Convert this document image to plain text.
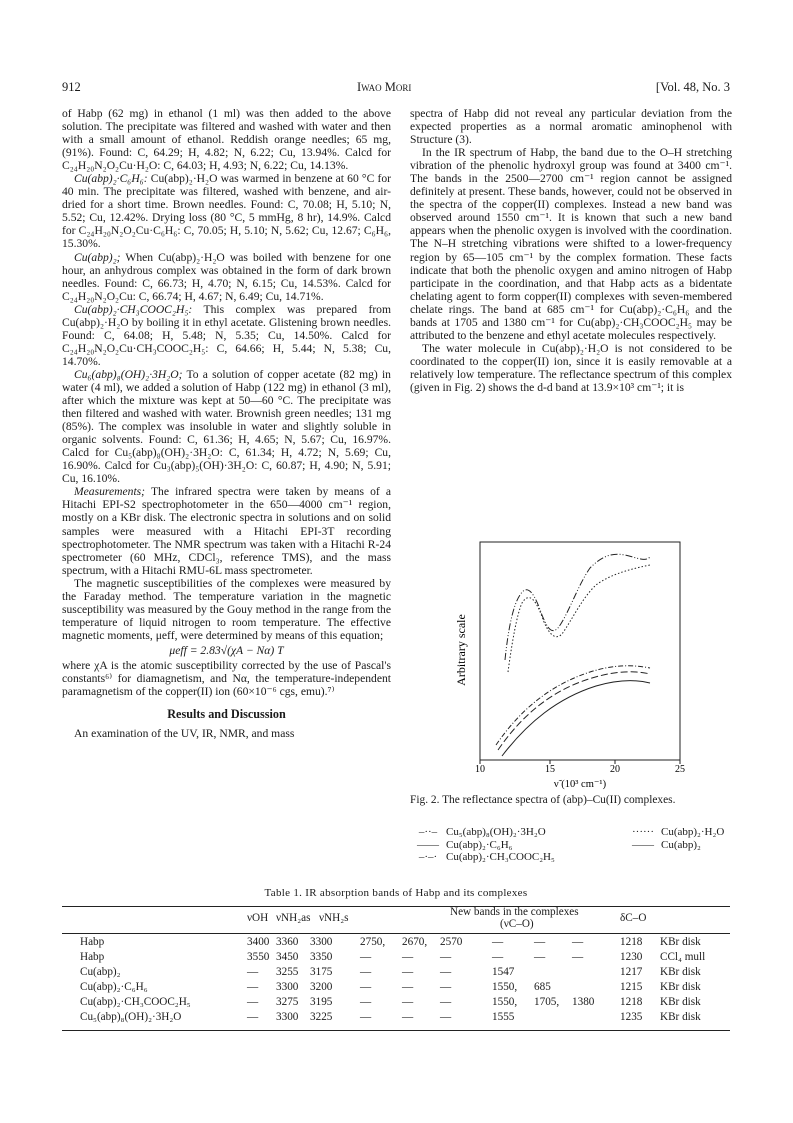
912	Iwao Mori	[Vol. 48, No. 3

of Habp (62 mg) in ethanol (1 ml) was then added to the above solution. The precipitate was filtered and washed with water and then with a small amount of ethanol. Reddish orange needles; 65 mg, (91%). Found: C, 64.29; H, 4.82; N, 6.22; Cu, 13.94%. Calcd for C₂₄H₂₀N₂O₂Cu·H₂O: C, 64.03; H, 4.93; N, 6.22; Cu, 14.13%.

Cu(abp)₂·C₆H₆: Cu(abp)₂·H₂O was warmed in benzene at 60 °C for 40 min. The precipitate was filtered, washed with benzene, and air-dried for a short time. Brown needles. Found: C, 70.08; H, 5.10; N, 5.52; Cu, 12.42%. Drying loss (80 °C, 5 mmHg, 8 hr), 14.9%. Calcd for C₂₄H₂₀N₂O₂Cu·C₆H₆: C, 70.05; H, 5.10; N, 5.62; Cu, 12.67; C₆H₆, 15.30%.

Cu(abp)₂; When Cu(abp)₂·H₂O was boiled with benzene for one hour, an anhydrous complex was obtained in the form of dark brown needles. Found: C, 66.73; H, 4.70; N, 6.15; Cu, 14.53%. Calcd for C₂₄H₂₀N₂O₂Cu: C, 66.74; H, 4.67; N, 6.49; Cu, 14.71%.

Cu(abp)₂·CH₃COOC₂H₅: This complex was prepared from Cu(abp)₂·H₂O by boiling it in ethyl acetate. Glistening brown needles. Found: C, 64.08; H, 5.48; N, 5.35; Cu, 14.50%. Calcd for C₂₄H₂₀N₂O₂Cu·CH₃COOC₂H₅: C, 64.66; H, 5.44; N, 5.38; Cu, 14.70%.

Cu₆(abp)₈(OH)₂·3H₂O; To a solution of copper acetate (82 mg) in water (4 ml), we added a solution of Habp (122 mg) in ethanol (3 ml), after which the mixture was kept at 50—60 °C. The precipitate was then filtered and washed with water. Brownish green needles; 131 mg (85%). The complex was insoluble in water and slightly soluble in organic solvents. Found: C, 61.36; H, 4.65; N, 5.67; Cu, 16.97%. Calcd for Cu₅(abp)₈(OH)₂·3H₂O: C, 61.34; H, 4.72; N, 5.69; Cu, 16.90%. Calcd for Cu₃(abp)₅(OH)·3H₂O: C, 60.87; H, 4.90; N, 5.91; Cu, 16.10%.

Measurements; The infrared spectra were taken by means of a Hitachi EPI-S2 spectrophotometer in the 650—4000 cm⁻¹ region, mostly on a KBr disk. The electronic spectra in solutions and on solid samples were measured with a Hitachi EPI-3T recording spectrophotometer. The NMR spectrum was taken with a Hitachi R-24 spectrometer (60 MHz, CDCl₃, reference TMS), and the mass spectrum, with a Hitachi RMU-6L mass spectrometer.

The magnetic susceptibilities of the complexes were measured by the Faraday method. The temperature variation in the magnetic susceptibility was measured by the Gouy method in the range from the temperature of liquid nitrogen to room temperature. The effective magnetic moments, μeff, were determined by means of this equation;

μeff = 2.83√(χA − Nα) T

where χA is the atomic susceptibility corrected by the use of Pascal's constants⁶⁾ for diamagnetism, and Nα, the temperature-independent paramagnetism of the copper(II) ion (60×10⁻⁶ cgs, emu).⁷⁾

Results and Discussion

An examination of the UV, IR, NMR, and mass

spectra of Habp did not reveal any particular deviation from the expected properties as a normal aromatic aminophenol with Structure (3).

In the IR spectrum of Habp, the band due to the O–H stretching vibration of the phenolic hydroxyl group was found at 3400 cm⁻¹. The bands in the 2500—2700 cm⁻¹ region cannot be assigned definitely at present. These bands, however, could not be observed in the spectra of the copper(II) complexes. Instead a new band was observed around 1550 cm⁻¹. It is known that such a new band appears when the phenolic oxygen is involved with the coordination. The N–H stretching vibrations were shifted to a lower-frequency region by 65—105 cm⁻¹ by the complex formation. These facts indicate that both the phenolic oxygen and amino nitrogen of Habp participate in the coordination, and that Habp acts as a bidentate chelating agent to form copper(II) complexes with seven-membered chelate rings. The band at 685 cm⁻¹ for Cu(abp)₂·C₆H₆ and the bands at 1705 and 1380 cm⁻¹ for Cu(abp)₂·CH₃COOC₂H₅ may be attributed to the benzene and ethyl acetate molecules respectively.

The water molecule in Cu(abp)₂·H₂O is not considered to be coordinated to the copper(II) ion, since it is easily removable at a relatively low temperature. The reflectance spectrum of this complex (given in Fig. 2) shows the d-d band at 13.9×10³ cm⁻¹; it is

Arbitrary scale
10	15	20	25
ν̃ (10³ cm⁻¹)
Fig. 2. The reflectance spectra of (abp)–Cu(II) complexes.
–··– Cu₅(abp)₈(OH)₂·3H₂O	······ Cu(abp)₂·H₂O
—— Cu(abp)₂·C₆H₆	—— Cu(abp)₂
–·–· Cu(abp)₂·CH₃COOC₂H₅
Table 1. IR absorption bands of Habp and its complexes
νOH νNH₂as νNH₂s	New bands in the complexes
(νC–O)	δC–O
Habp	3400 3360 3300 2750, 2670, 2570	—	— —	1218 KBr disk
Habp	3550 3450 3350 —	— —	—	— —	1230 CCl₄ mull
Cu(abp)₂	— 3255 3175 —	— —	1547	1217 KBr disk
Cu(abp)₂·C₆H₆	— 3300 3200 —	— —	1550, 685	1215 KBr disk
Cu(abp)₂·CH₃COOC₂H₅	— 3275 3195 —	— —	1550, 1705, 1380 1218 KBr disk
Cu₅(abp)₈(OH)₂·3H₂O	— 3300 3225 —	— —	1555	1235 KBr disk
